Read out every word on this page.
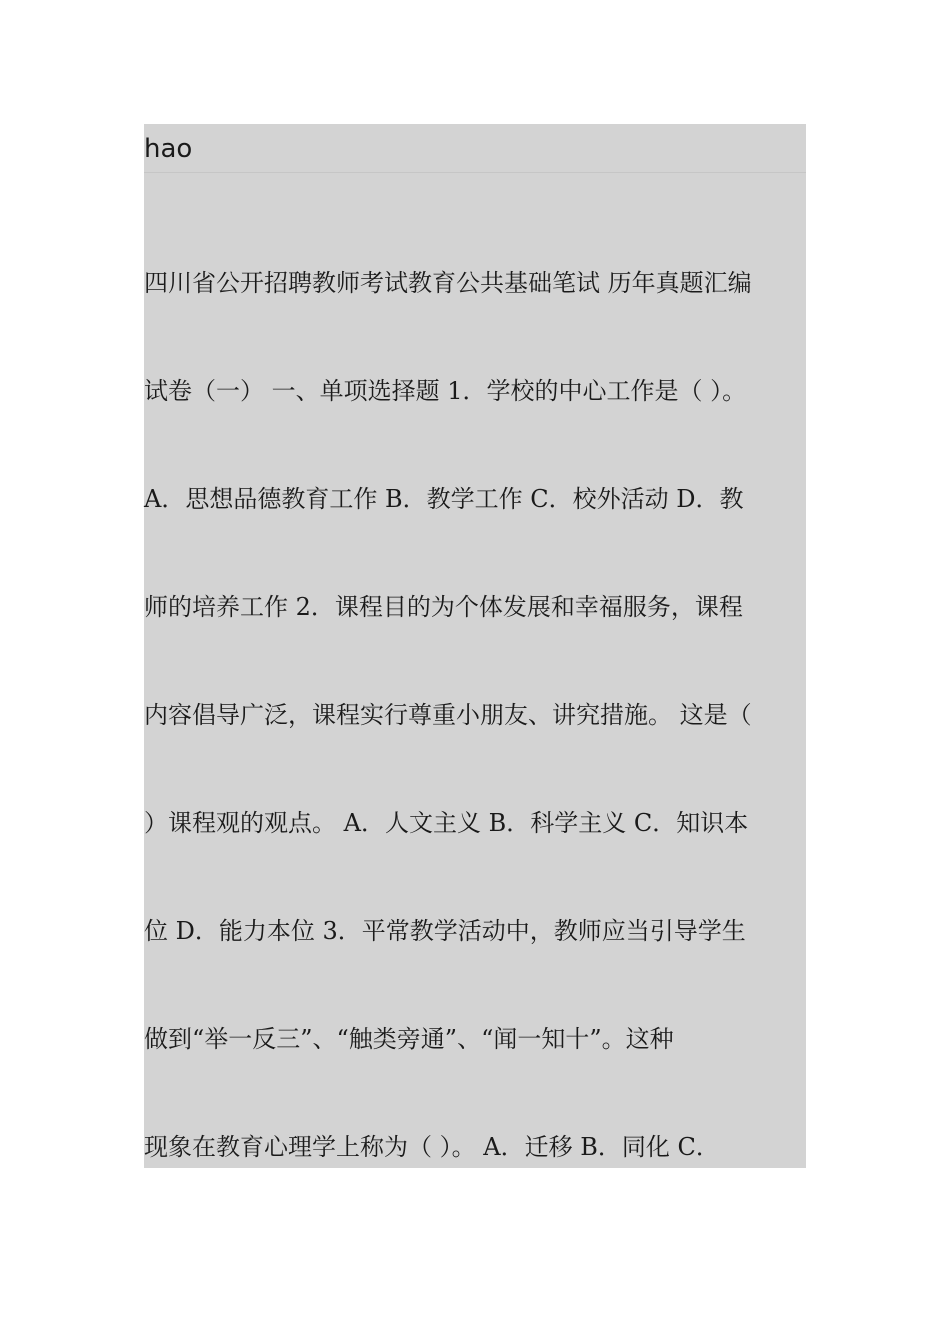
hao
四川省公开招聘教师考试教育公共基础笔试 历年真题汇编
试卷（一） 一、单项选择题 1．学校的中心工作是（ ）。
A．思想品德教育工作 B．教学工作 C．校外活动 D．教
师的培养工作 2．课程目的为个体发展和幸福服务，课程
内容倡导广泛，课程实行尊重小朋友、讲究措施。 这是（
）课程观的观点。 A．人文主义 B．科学主义 C．知识本
位 D．能力本位 3．平常教学活动中，教师应当引导学生
做到“举一反三”、“触类旁通”、“闻一知十”。这种
现象在教育心理学上称为（ ）。 A．迁移 B．同化 C．
